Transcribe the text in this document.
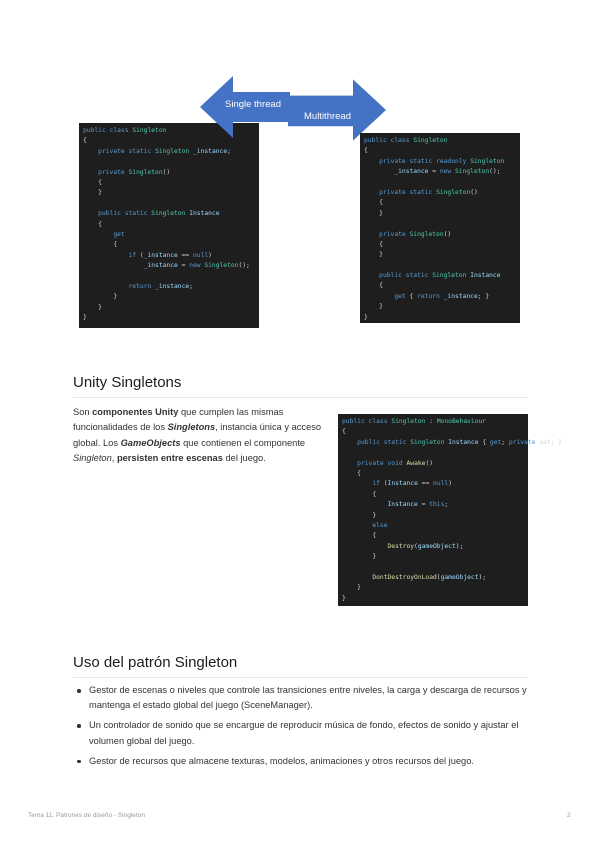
public class Singleton
{
private static Singleton _instance;

private Singleton()
{
}

public static Singleton Instance
{
get
{
if (_instance == null)
_instance = new Singleton();

return _instance;
}
}
}
Single thread
Multithread
public class Singleton
{
private static readonly Singleton
_instance = new Singleton();

private static Singleton()
{
}

private Singleton()
{
}

public static Singleton Instance
{
get { return _instance; }
}
}
Unity Singletons
Son componentes Unity que cumplen las mismas funcionalidades de los Singletons, instancia única y acceso global. Los GameObjects que contienen el componente Singleton, persisten entre escenas del juego.
public class Singleton : MonoBehaviour
{
public static Singleton Instance { get; private set; }

private void Awake()
{
if (Instance == null)
{
Instance = this;
}
else
{
Destroy(gameObject);
}

DontDestroyOnLoad(gameObject);
}
}
Uso del patrón Singleton
Gestor de escenas o niveles que controle las transiciones entre niveles, la carga y descarga de recursos y mantenga el estado global del juego (SceneManager).
Un controlador de sonido que se encargue de reproducir música de fondo, efectos de sonido y ajustar el volumen global del juego.
Gestor de recursos que almacene texturas, modelos, animaciones y otros recursos del juego.
Tema 11. Patrones de diseño - Singleton	2
